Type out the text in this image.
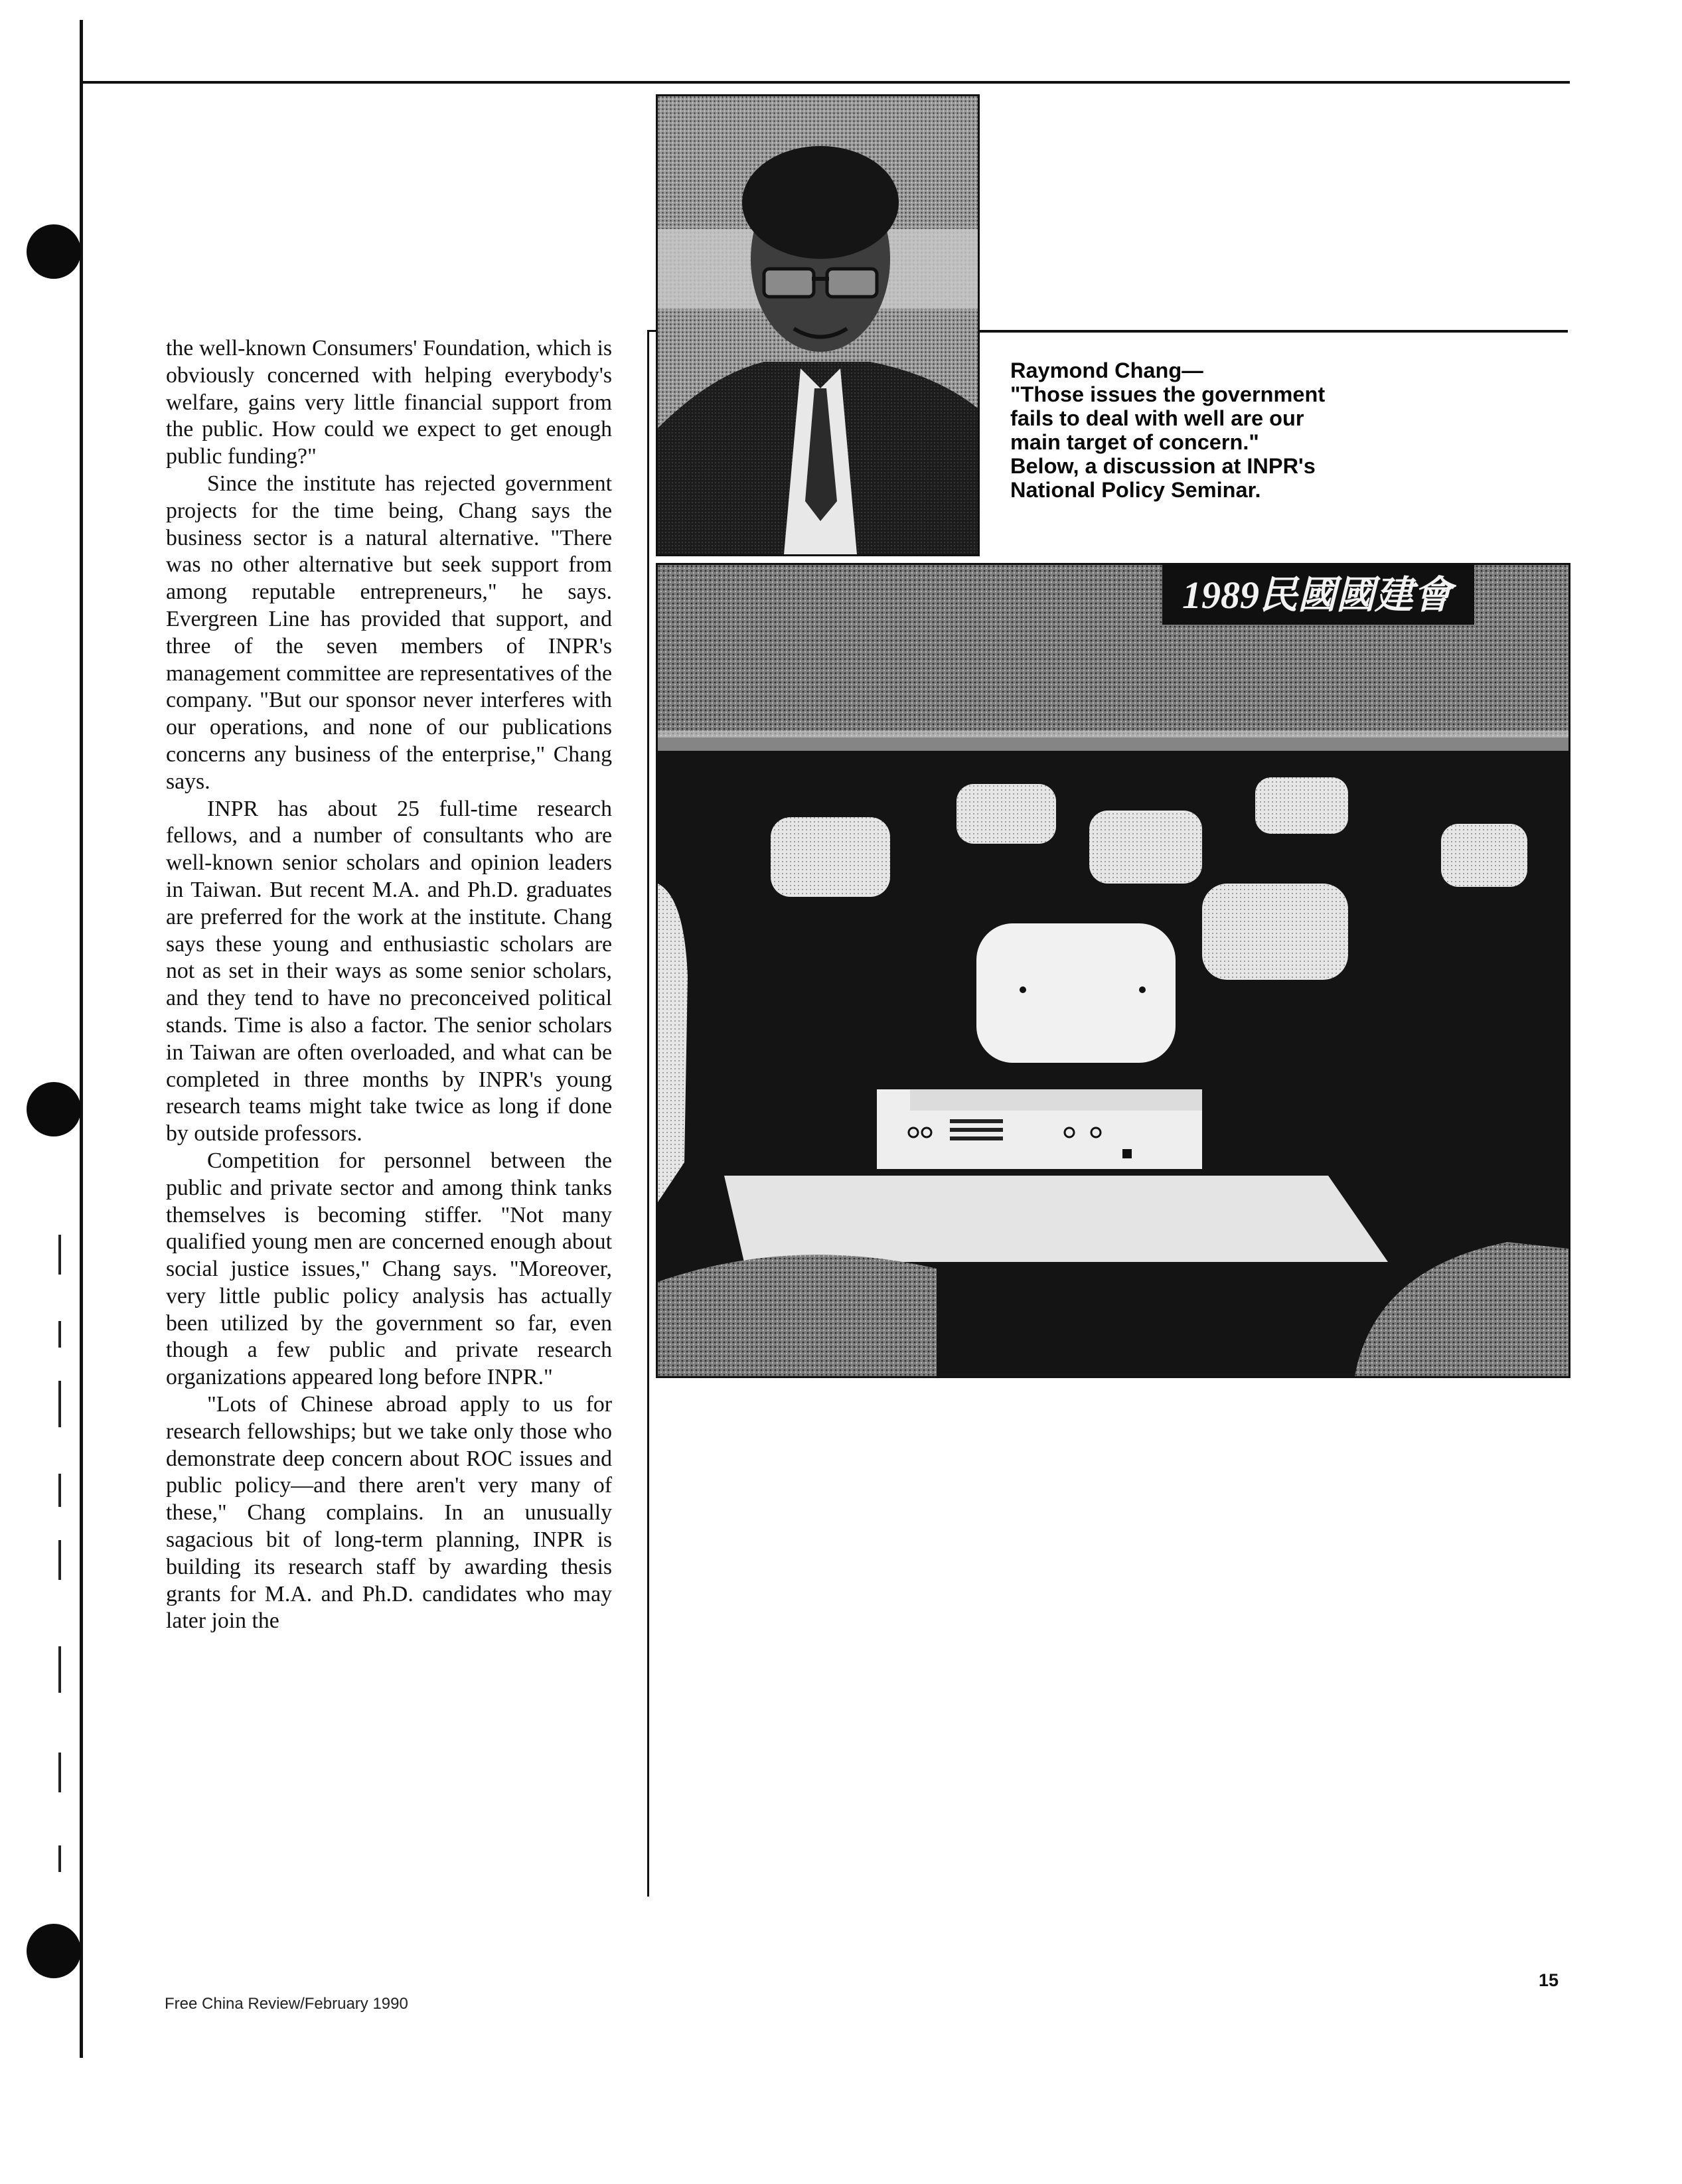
the well-known Consumers' Foundation, which is obviously concerned with helping everybody's welfare, gains very little financial support from the public. How could we expect to get enough public funding?"

Since the institute has rejected government projects for the time being, Chang says the business sector is a natural alternative. "There was no other alternative but seek support from among reputable entrepreneurs," he says. Evergreen Line has provided that support, and three of the seven members of INPR's management committee are representatives of the company. "But our sponsor never interferes with our operations, and none of our publications concerns any business of the enterprise," Chang says.

INPR has about 25 full-time research fellows, and a number of consultants who are well-known senior scholars and opinion leaders in Taiwan. But recent M.A. and Ph.D. graduates are preferred for the work at the institute. Chang says these young and enthusiastic scholars are not as set in their ways as some senior scholars, and they tend to have no preconceived political stands. Time is also a factor. The senior scholars in Taiwan are often overloaded, and what can be completed in three months by INPR's young research teams might take twice as long if done by outside professors.

Competition for personnel between the public and private sector and among think tanks themselves is becoming stiffer. "Not many qualified young men are concerned enough about social justice issues," Chang says. "Moreover, very little public policy analysis has actually been utilized by the government so far, even though a few public and private research organizations appeared long before INPR."

"Lots of Chinese abroad apply to us for research fellowships; but we take only those who demonstrate deep concern about ROC issues and public policy—and there aren't very many of these," Chang complains. In an unusually sagacious bit of long-term planning, INPR is building its research staff by awarding thesis grants for M.A. and Ph.D. candidates who may later join the

Raymond Chang—
"Those issues the government
fails to deal with well are our
main target of concern."
Below, a discussion at INPR's
National Policy Seminar.
1989民國國建會
Free China Review/February 1990
15
